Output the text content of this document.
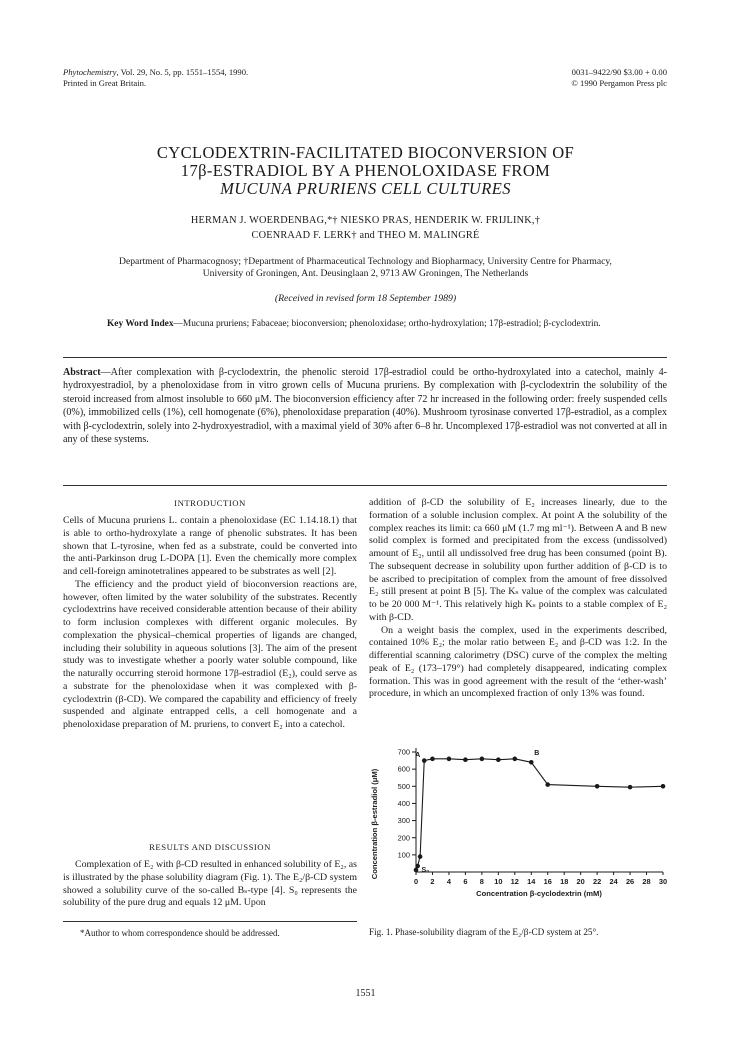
Phytochemistry, Vol. 29, No. 5, pp. 1551–1554, 1990.
Printed in Great Britain.
0031–9422/90 $3.00 + 0.00
© 1990 Pergamon Press plc
CYCLODEXTRIN-FACILITATED BIOCONVERSION OF
17β-ESTRADIOL BY A PHENOLOXIDASE FROM
MUCUNA PRURIENS CELL CULTURES
HERMAN J. WOERDENBAG,*† NIESKO PRAS, HENDERIK W. FRIJLINK,†
COENRAAD F. LERK† and THEO M. MALINGRÉ
Department of Pharmacognosy; †Department of Pharmaceutical Technology and Biopharmacy, University Centre for Pharmacy,
University of Groningen, Ant. Deusinglaan 2, 9713 AW Groningen, The Netherlands
(Received in revised form 18 September 1989)
Key Word Index—Mucuna pruriens; Fabaceae; bioconversion; phenoloxidase; ortho-hydroxylation; 17β-estradiol; β-cyclodextrin.
Abstract—After complexation with β-cyclodextrin, the phenolic steroid 17β-estradiol could be ortho-hydroxylated into a catechol, mainly 4-hydroxyestradiol, by a phenoloxidase from in vitro grown cells of Mucuna pruriens. By complexation with β-cyclodextrin the solubility of the steroid increased from almost insoluble to 660 μM. The bioconversion efficiency after 72 hr increased in the following order: freely suspended cells (0%), immobilized cells (1%), cell homogenate (6%), phenoloxidase preparation (40%). Mushroom tyrosinase converted 17β-estradiol, as a complex with β-cyclodextrin, solely into 2-hydroxyestradiol, with a maximal yield of 30% after 6–8 hr. Uncomplexed 17β-estradiol was not converted at all in any of these systems.
INTRODUCTION

Cells of Mucuna pruriens L. contain a phenoloxidase (EC 1.14.18.1) that is able to ortho-hydroxylate a range of phenolic substrates. It has been shown that L-tyrosine, when fed as a substrate, could be converted into the anti-Parkinson drug L-DOPA [1]. Even the chemically more complex and cell-foreign aminotetralines appeared to be substrates as well [2].

The efficiency and the product yield of bioconversion reactions are, however, often limited by the water solubility of the substrates. Recently cyclodextrins have received considerable attention because of their ability to form inclusion complexes with different organic molecules. By complexation the physical–chemical properties of ligands are changed, including their solubility in aqueous solutions [3]. The aim of the present study was to investigate whether a poorly water soluble compound, like the naturally occurring steroid hormone 17β-estradiol (E₂), could serve as a substrate for the phenoloxidase when it was complexed with β-cyclodextrin (β-CD). We compared the capability and efficiency of freely suspended and alginate entrapped cells, a cell homogenate and a phenoloxidase preparation of M. pruriens, to convert E₂ into a catechol.

RESULTS AND DISCUSSION

Complexation of E₂ with β-CD resulted in enhanced solubility of E₂, as is illustrated by the phase solubility diagram (Fig. 1). The E₂/β-CD system showed a solubility curve of the so-called Bₛ-type [4]. S₀ represents the solubility of the pure drug and equals 12 μM. Upon

*Author to whom correspondence should be addressed.

addition of β-CD the solubility of E₂ increases linearly, due to the formation of a soluble inclusion complex. At point A the solubility of the complex reaches its limit: ca 660 μM (1.7 mg ml⁻¹). Between A and B new solid complex is formed and precipitated from the excess (undissolved) amount of E₂, until all undissolved free drug has been consumed (point B). The subsequent decrease in solubility upon further addition of β-CD is to be ascribed to precipitation of complex from the amount of free dissolved E₂ still present at point B [5]. The Kₛ value of the complex was calculated to be 20 000 M⁻¹. This relatively high Kₛ points to a stable complex of E₂ with β-CD.

On a weight basis the complex, used in the experiments described, contained 10% E₂; the molar ratio between E₂ and β-CD was 1:2. In the differential scanning calorimetry (DSC) curve of the complex the melting peak of E₂ (173–179°) had completely disappeared, indicating complex formation. This was in good agreement with the result of the ‘ether-wash’ procedure, in which an uncomplexed fraction of only 13% was found.

100
200
300
400
500
600
700
0 2 4 6 8 10 12 14 16 18 20 22 24 26 28 30
A	B
S₀
Concentration β-estradiol (μM)
Concentration β-cyclodextrin (mM)
Fig. 1. Phase-solubility diagram of the E₂/β-CD system at 25°.
1551
